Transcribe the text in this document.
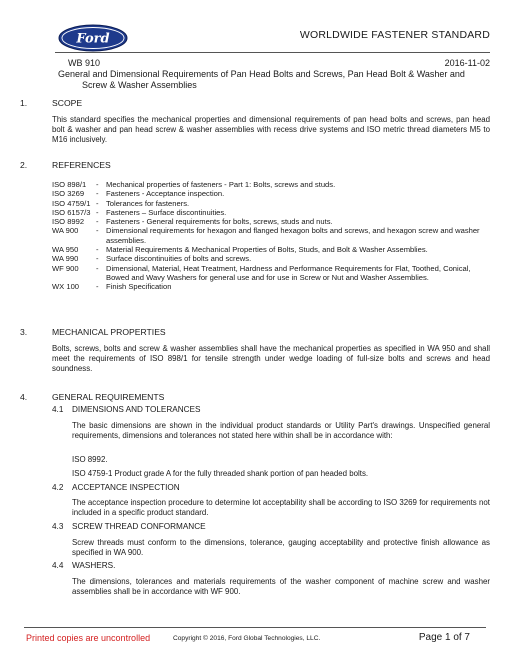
Ford	WORLDWIDE FASTENER STANDARD
WB 910	2016-11-02
General and Dimensional Requirements of Pan Head Bolts and Screws, Pan Head Bolt & Washer and
Screw & Washer Assemblies
1.	SCOPE
This standard specifies the mechanical properties and dimensional requirements of pan head bolts and screws, pan head bolt & washer and pan head screw & washer assemblies with recess drive systems and ISO metric thread diameters M5 to M16 inclusively.
2.	REFERENCES
ISO 898/1	- Mechanical properties of fasteners - Part 1: Bolts, screws and studs.
ISO 3269	- Fasteners - Acceptance inspection.
ISO 4759/1 - Tolerances for fasteners.
ISO 6157/3 - Fasteners – Surface discontinuities.
ISO 8992	- Fasteners - General requirements for bolts, screws, studs and nuts.
WA 900	- Dimensional requirements for hexagon and flanged hexagon bolts and screws, and hexagon screw and washer assemblies.
WA 950	- Material Requirements & Mechanical Properties of Bolts, Studs, and Bolt & Washer Assemblies.
WA 990	- Surface discontinuities of bolts and screws.
WF 900	- Dimensional, Material, Heat Treatment, Hardness and Performance Requirements for Flat, Toothed, Conical, Bowed and Wavy Washers for general use and for use in Screw or Nut and Washer Assemblies.
WX 100	- Finish Specification
3.	MECHANICAL PROPERTIES
Bolts, screws, bolts and screw & washer assemblies shall have the mechanical properties as specified in WA 950 and shall meet the requirements of ISO 898/1 for tensile strength under wedge loading of full-size bolts and screws and head soundness.
4.	GENERAL REQUIREMENTS
4.1 DIMENSIONS AND TOLERANCES
The basic dimensions are shown in the individual product standards or Utility Part's drawings. Unspecified general requirements, dimensions and tolerances not stated here within shall be in accordance with:
ISO 8992.
ISO 4759-1 Product grade A for the fully threaded shank portion of pan headed bolts.
4.2 ACCEPTANCE INSPECTION
The acceptance inspection procedure to determine lot acceptability shall be according to ISO 3269 for requirements not included in a specific product standard.
4.3 SCREW THREAD CONFORMANCE
Screw threads must conform to the dimensions, tolerance, gauging acceptability and protective finish allowance as specified in WA 900.
4.4 WASHERS.
The dimensions, tolerances and materials requirements of the washer component of machine screw and washer assemblies shall be in accordance with WF 900.
Printed copies are uncontrolled	Copyright © 2016, Ford Global Technologies, LLC.	Page 1 of 7
